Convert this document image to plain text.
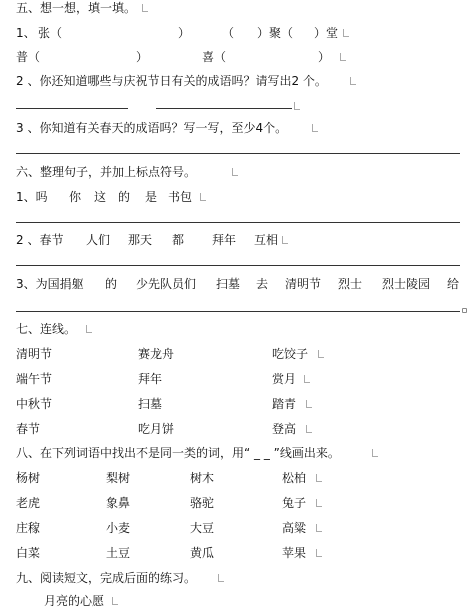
五、想一想，填一填。
1、 张（	）	（ ）聚（ ）堂
普（	）	喜（	）
2 、你还知道哪些与庆祝节日有关的成语吗？请写出2 个。
3 、你知道有关春天的成语吗？写一写，至少4个。
六、整理句子，并加上标点符号。
1、吗 你 这 的 是 书包
2 、春节 人们 那天 都 拜年 互相
3、为国捐躯 的 少先队员们 扫墓 去 清明节 烈士 烈士陵园 给
七、连线。
清明节	赛龙舟	吃饺子
端午节	拜年	赏月
中秋节	扫墓	踏青
春节	吃月饼	登高
八、在下列词语中找出不是同一类的词，用“ _ _ ”线画出来。
杨树	梨树	树木	松柏
老虎	象鼻	骆驼	兔子
庄稼	小麦	大豆	高粱
白菜	土豆	黄瓜	苹果
九、阅读短文，完成后面的练习。
月亮的心愿
